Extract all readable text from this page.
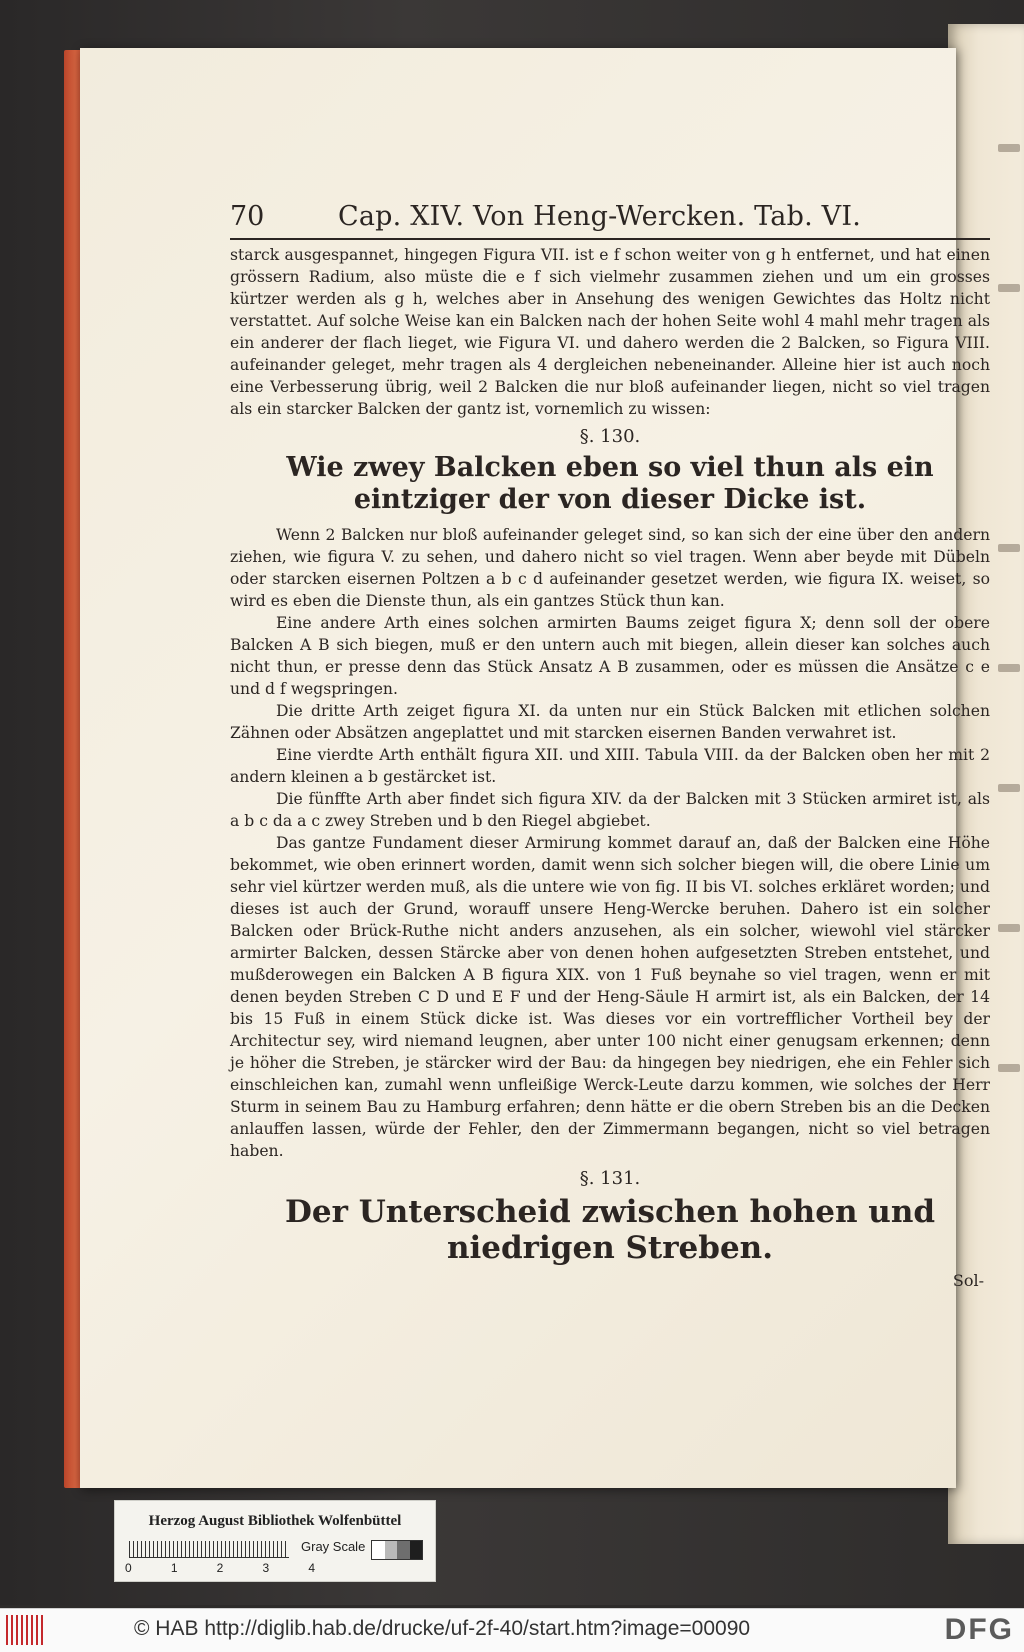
70	Cap. XIV. Von Heng-Wercken. Tab. VI.

starck ausgespannet, hingegen Figura VII. ist e f schon weiter von g h entfernet, und hat einen grössern Radium, also müste die e f sich vielmehr zusammen ziehen und um ein grosses kürtzer werden als g h, welches aber in Ansehung des wenigen Gewichtes das Holtz nicht verstattet. Auf solche Weise kan ein Balcken nach der hohen Seite wohl 4 mahl mehr tragen als ein anderer der flach lieget, wie Figura VI. und dahero werden die 2 Balcken, so Figura VIII. aufeinander geleget, mehr tragen als 4 dergleichen nebeneinander. Alleine hier ist auch noch eine Verbesserung übrig, weil 2 Balcken die nur bloß aufeinander liegen, nicht so viel tragen als ein starcker Balcken der gantz ist, vornemlich zu wissen:

§. 130.
Wie zwey Balcken eben so viel thun als ein eintziger der von dieser Dicke ist.

Wenn 2 Balcken nur bloß aufeinander geleget sind, so kan sich der eine über den andern ziehen, wie figura V. zu sehen, und dahero nicht so viel tragen. Wenn aber beyde mit Dübeln oder starcken eisernen Poltzen a b c d aufeinander gesetzet werden, wie figura IX. weiset, so wird es eben die Dienste thun, als ein gantzes Stück thun kan.

Eine andere Arth eines solchen armirten Baums zeiget figura X; denn soll der obere Balcken A B sich biegen, muß er den untern auch mit biegen, allein dieser kan solches auch nicht thun, er presse denn das Stück Ansatz A B zusammen, oder es müssen die Ansätze c e und d f wegspringen.

Die dritte Arth zeiget figura XI. da unten nur ein Stück Balcken mit etlichen solchen Zähnen oder Absätzen angeplattet und mit starcken eisernen Banden verwahret ist.

Eine vierdte Arth enthält figura XII. und XIII. Tabula VIII. da der Balcken oben her mit 2 andern kleinen a b gestärcket ist.

Die fünffte Arth aber findet sich figura XIV. da der Balcken mit 3 Stücken armiret ist, als a b c da a c zwey Streben und b den Riegel abgiebet.

Das gantze Fundament dieser Armirung kommet darauf an, daß der Balcken eine Höhe bekommet, wie oben erinnert worden, damit wenn sich solcher biegen will, die obere Linie um sehr viel kürtzer werden muß, als die untere wie von fig. II bis VI. solches erkläret worden; und dieses ist auch der Grund, worauff unsere Heng-Wercke beruhen. Dahero ist ein solcher Balcken oder Brück-Ruthe nicht anders anzusehen, als ein solcher, wiewohl viel stärcker armirter Balcken, dessen Stärcke aber von denen hohen aufgesetzten Streben entstehet, und mußderowegen ein Balcken A B figura XIX. von 1 Fuß beynahe so viel tragen, wenn er mit denen beyden Streben C D und E F und der Heng-Säule H armirt ist, als ein Balcken, der 14 bis 15 Fuß in einem Stück dicke ist. Was dieses vor ein vortrefflicher Vortheil bey der Architectur sey, wird niemand leugnen, aber unter 100 nicht einer genugsam erkennen; denn je höher die Streben, je stärcker wird der Bau: da hingegen bey niedrigen, ehe ein Fehler sich einschleichen kan, zumahl wenn unfleißige Werck-Leute darzu kommen, wie solches der Herr Sturm in seinem Bau zu Hamburg erfahren; denn hätte er die obern Streben bis an die Decken anlauffen lassen, würde der Fehler, den der Zimmermann begangen, nicht so viel betragen haben.

§. 131.
Der Unterscheid zwischen hohen und niedrigen Streben.
Sol-
Herzog August Bibliothek Wolfenbüttel
0	1	2	3	4
Gray Scale
© HAB http://diglib.hab.de/drucke/uf-2f-40/start.htm?image=00090	DFG
